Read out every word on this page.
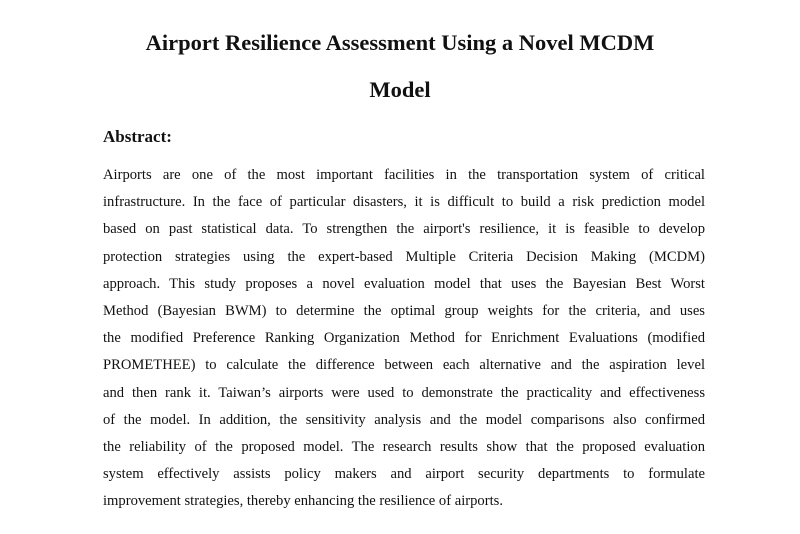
Airport Resilience Assessment Using a Novel MCDM
Model
Abstract:
Airports are one of the most important facilities in the transportation system of critical
infrastructure. In the face of particular disasters, it is difficult to build a risk prediction model
based on past statistical data. To strengthen the airport's resilience, it is feasible to develop
protection strategies using the expert-based Multiple Criteria Decision Making (MCDM)
approach. This study proposes a novel evaluation model that uses the Bayesian Best Worst
Method (Bayesian BWM) to determine the optimal group weights for the criteria, and uses
the modified Preference Ranking Organization Method for Enrichment Evaluations (modified
PROMETHEE) to calculate the difference between each alternative and the aspiration level
and then rank it. Taiwan’s airports were used to demonstrate the practicality and effectiveness
of the model. In addition, the sensitivity analysis and the model comparisons also confirmed
the reliability of the proposed model. The research results show that the proposed evaluation
system effectively assists policy makers and airport security departments to formulate
improvement strategies, thereby enhancing the resilience of airports.
